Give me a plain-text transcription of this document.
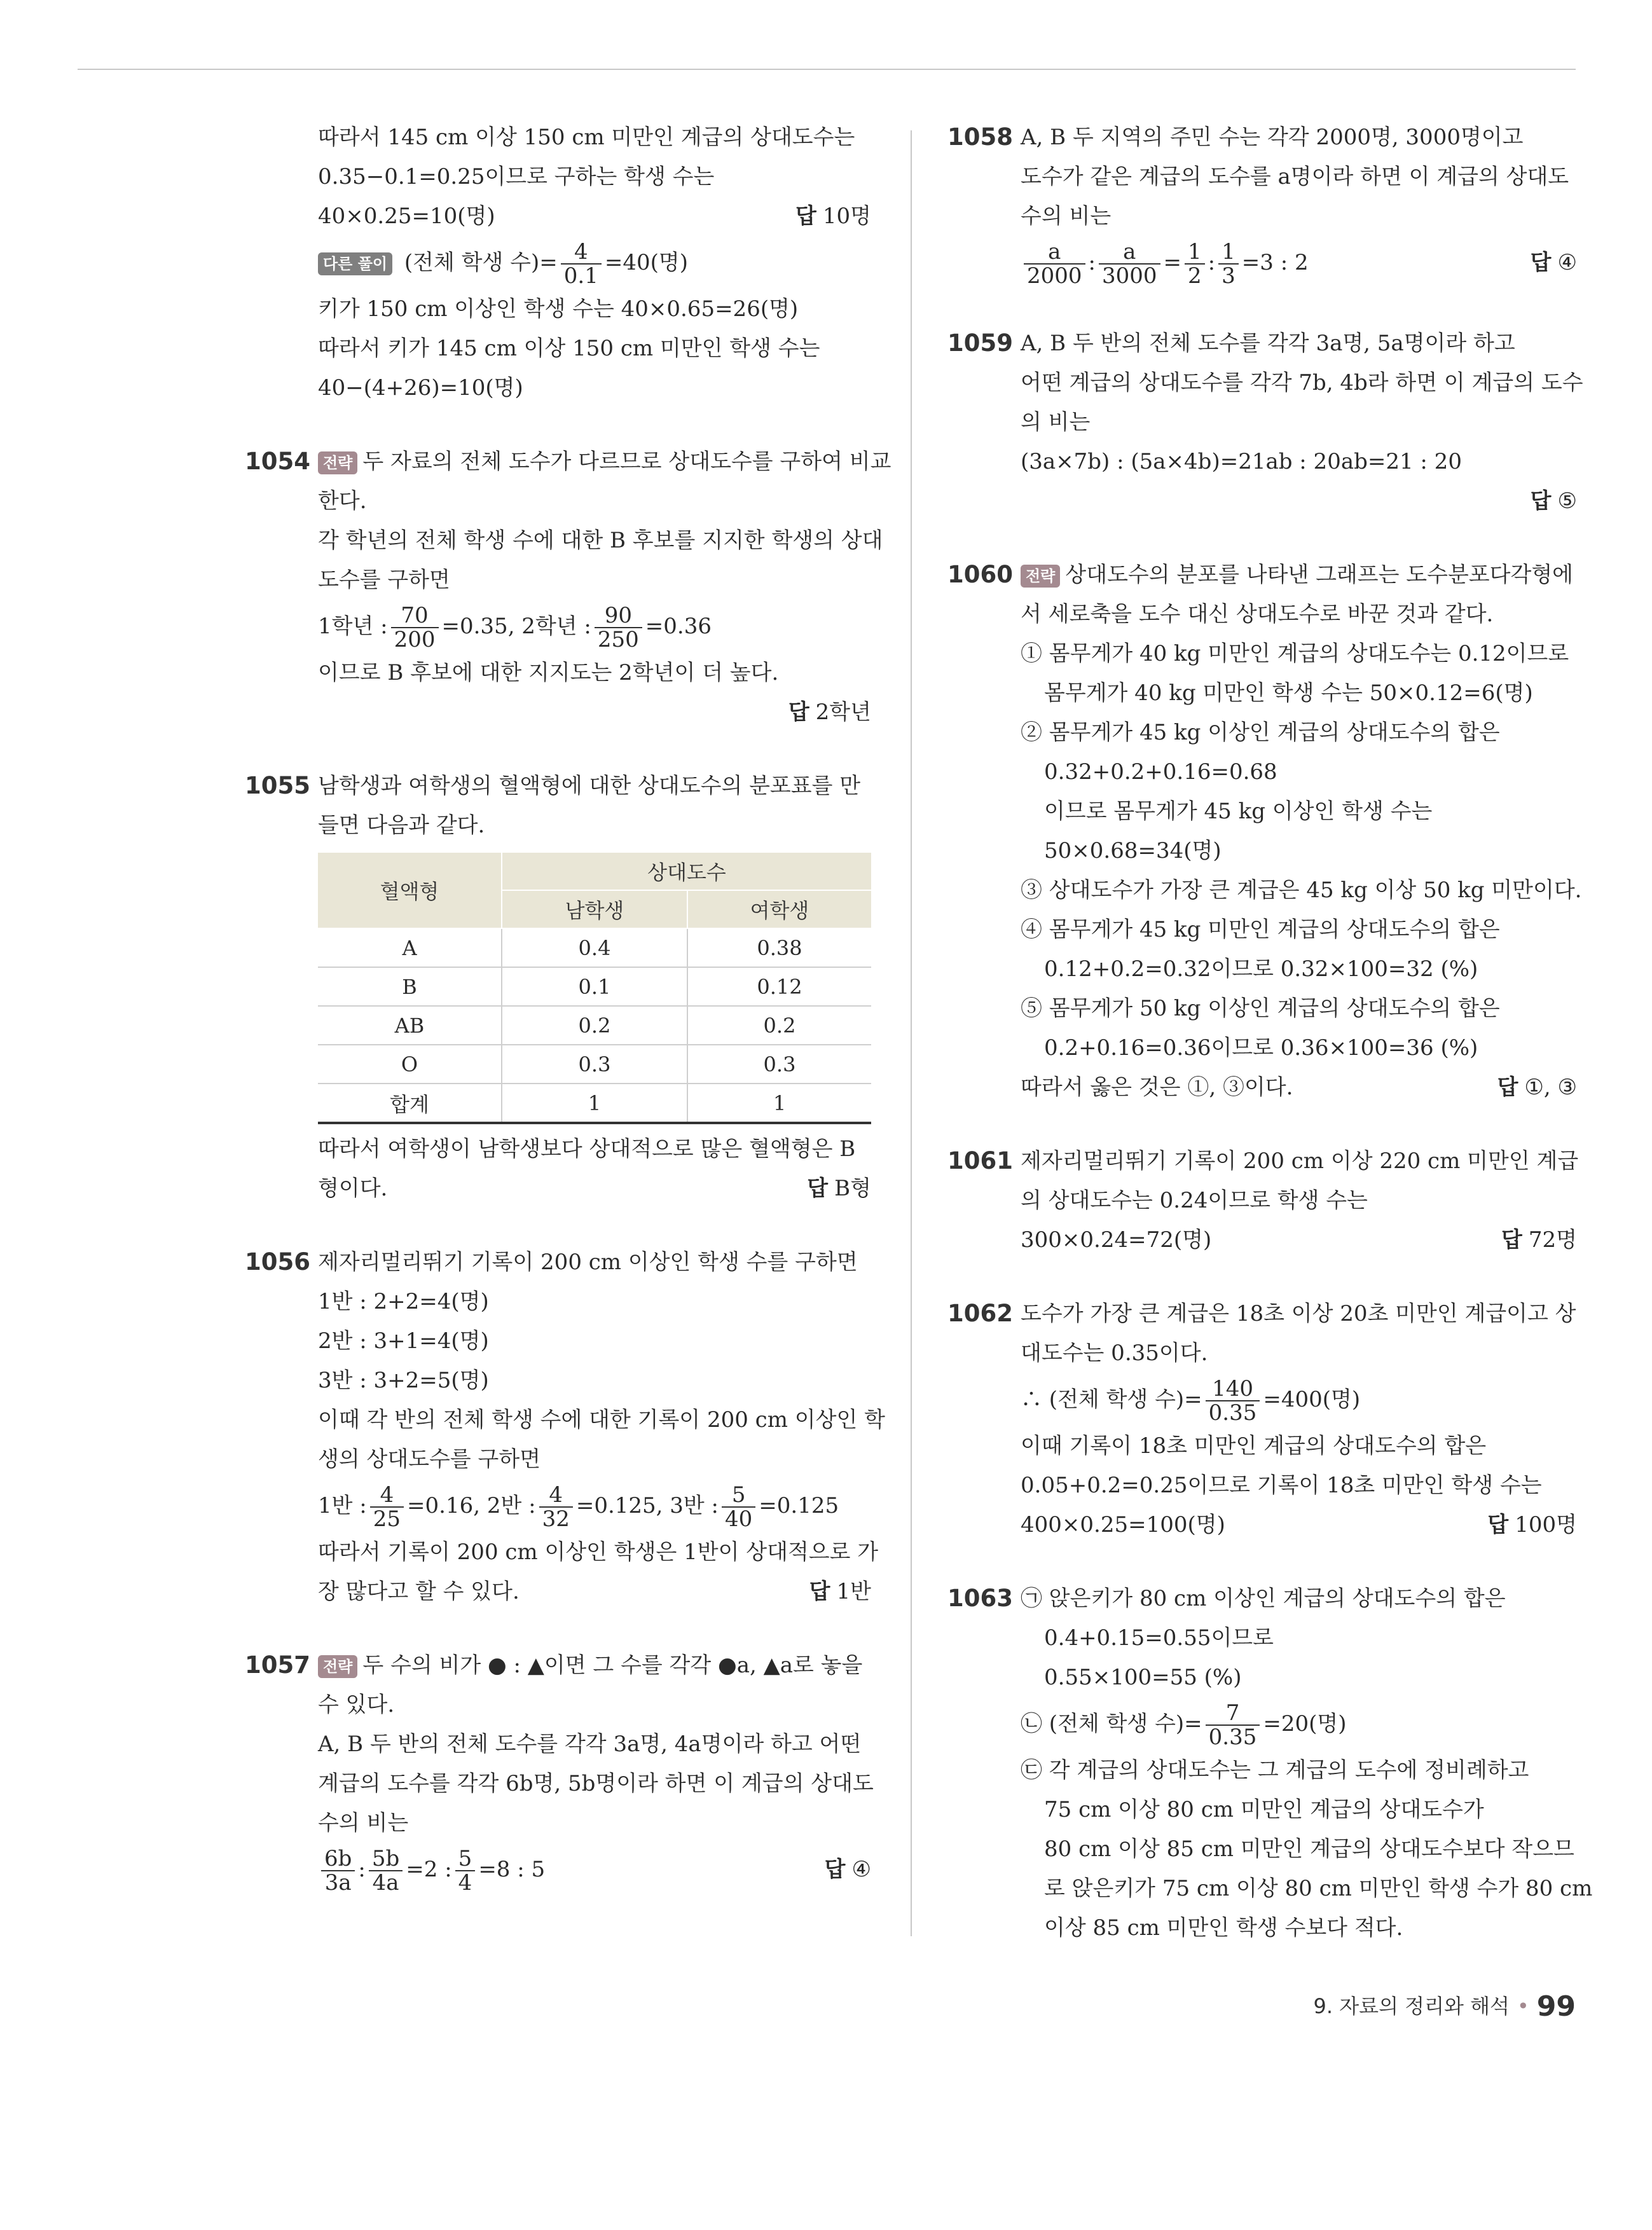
따라서 145 cm 이상 150 cm 미만인 계급의 상대도수는
0.35−0.1=0.25이므로 구하는 학생 수는
40×0.25=10(명)	답 10명
다른 풀이 (전체 학생 수)= $\frac{4}{0.1} =40$(명)
키가 150 cm 이상인 학생 수는 40×0.65=26(명)
따라서 키가 145 cm 이상 150 cm 미만인 학생 수는
40−(4+26)=10(명)
1054 전략 두 자료의 전체 도수가 다르므로 상대도수를 구하여 비교
한다.
각 학년의 전체 학생 수에 대한 B 후보를 지지한 학생의 상대
도수를 구하면
1학년 : $\frac{70}{200} =0.35$, 2학년 : $\frac{90}{250} =0.36$
이므로 B 후보에 대한 지지도는 2학년이 더 높다.
답 2학년
1055 남학생과 여학생의 혈액형에 대한 상대도수의 분포표를 만
들면 다음과 같다.
혈액형	상대도수	
	남학생	여학생
A	0.4	0.38
B	0.1	0.12
AB	0.2	0.2
O	0.3	0.3
합계	1	1
따라서 여학생이 남학생보다 상대적으로 많은 혈액형은 B
형이다.	답 B형
1056 제자리멀리뛰기 기록이 200 cm 이상인 학생 수를 구하면
1반 : 2+2=4(명)
2반 : 3+1=4(명)
3반 : 3+2=5(명)
이때 각 반의 전체 학생 수에 대한 기록이 200 cm 이상인 학
생의 상대도수를 구하면
1반 : $\frac{4}{25} =0.16$, 2반 : $\frac{4}{32} =0.125$, 3반 : $\frac{5}{40} =0.125$
따라서 기록이 200 cm 이상인 학생은 1반이 상대적으로 가
장 많다고 할 수 있다.	답 1반
1057 전략 두 수의 비가 ● : ▲이면 그 수를 각각 ●a, ▲a로 놓을
수 있다.
A, B 두 반의 전체 도수를 각각 3a명, 4a명이라 하고 어떤
계급의 도수를 각각 6b명, 5b명이라 하면 이 계급의 상대도
수의 비는
$\frac{6b}{3a}$ : $\frac{5b}{4a} =2$ : $\frac{5}{4} =8$ : 5	답 ④
1058 A, B 두 지역의 주민 수는 각각 2000명, 3000명이고
도수가 같은 계급의 도수를 a명이라 하면 이 계급의 상대도
수의 비는
$\frac{a}{2000}$ : $\frac{a}{3000} = \frac{1}{2}$ : $\frac{1}{3} =3$ : 2	답 ④
1059 A, B 두 반의 전체 도수를 각각 3a명, 5a명이라 하고
어떤 계급의 상대도수를 각각 7b, 4b라 하면 이 계급의 도수
의 비는
(3a×7b) : (5a×4b)=21ab : 20ab=21 : 20
답 ⑤
1060 전략 상대도수의 분포를 나타낸 그래프는 도수분포다각형에
서 세로축을 도수 대신 상대도수로 바꾼 것과 같다.
① 몸무게가 40 kg 미만인 계급의 상대도수는 0.12이므로
몸무게가 40 kg 미만인 학생 수는 50×0.12=6(명)
② 몸무게가 45 kg 이상인 계급의 상대도수의 합은
0.32+0.2+0.16=0.68
이므로 몸무게가 45 kg 이상인 학생 수는
50×0.68=34(명)
③ 상대도수가 가장 큰 계급은 45 kg 이상 50 kg 미만이다.
④ 몸무게가 45 kg 미만인 계급의 상대도수의 합은
0.12+0.2=0.32이므로 0.32×100=32 (%)
⑤ 몸무게가 50 kg 이상인 계급의 상대도수의 합은
0.2+0.16=0.36이므로 0.36×100=36 (%)
따라서 옳은 것은 ①, ③이다.	답 ①, ③
1061 제자리멀리뛰기 기록이 200 cm 이상 220 cm 미만인 계급
의 상대도수는 0.24이므로 학생 수는
300×0.24=72(명)	답 72명
1062 도수가 가장 큰 계급은 18초 이상 20초 미만인 계급이고 상
대도수는 0.35이다.
∴ (전체 학생 수)= $\frac{140}{0.35} =400$(명)
이때 기록이 18초 미만인 계급의 상대도수의 합은
0.05+0.2=0.25이므로 기록이 18초 미만인 학생 수는
400×0.25=100(명)	답 100명
1063 ㉠ 앉은키가 80 cm 이상인 계급의 상대도수의 합은
0.4+0.15=0.55이므로
0.55×100=55 (%)
㉡ (전체 학생 수)= $\frac{7}{0.35} =20$(명)
㉢ 각 계급의 상대도수는 그 계급의 도수에 정비례하고
75 cm 이상 80 cm 미만인 계급의 상대도수가
80 cm 이상 85 cm 미만인 계급의 상대도수보다 작으므
로 앉은키가 75 cm 이상 80 cm 미만인 학생 수가 80 cm
이상 85 cm 미만인 학생 수보다 적다.
9. 자료의 정리와 해석 • 99
